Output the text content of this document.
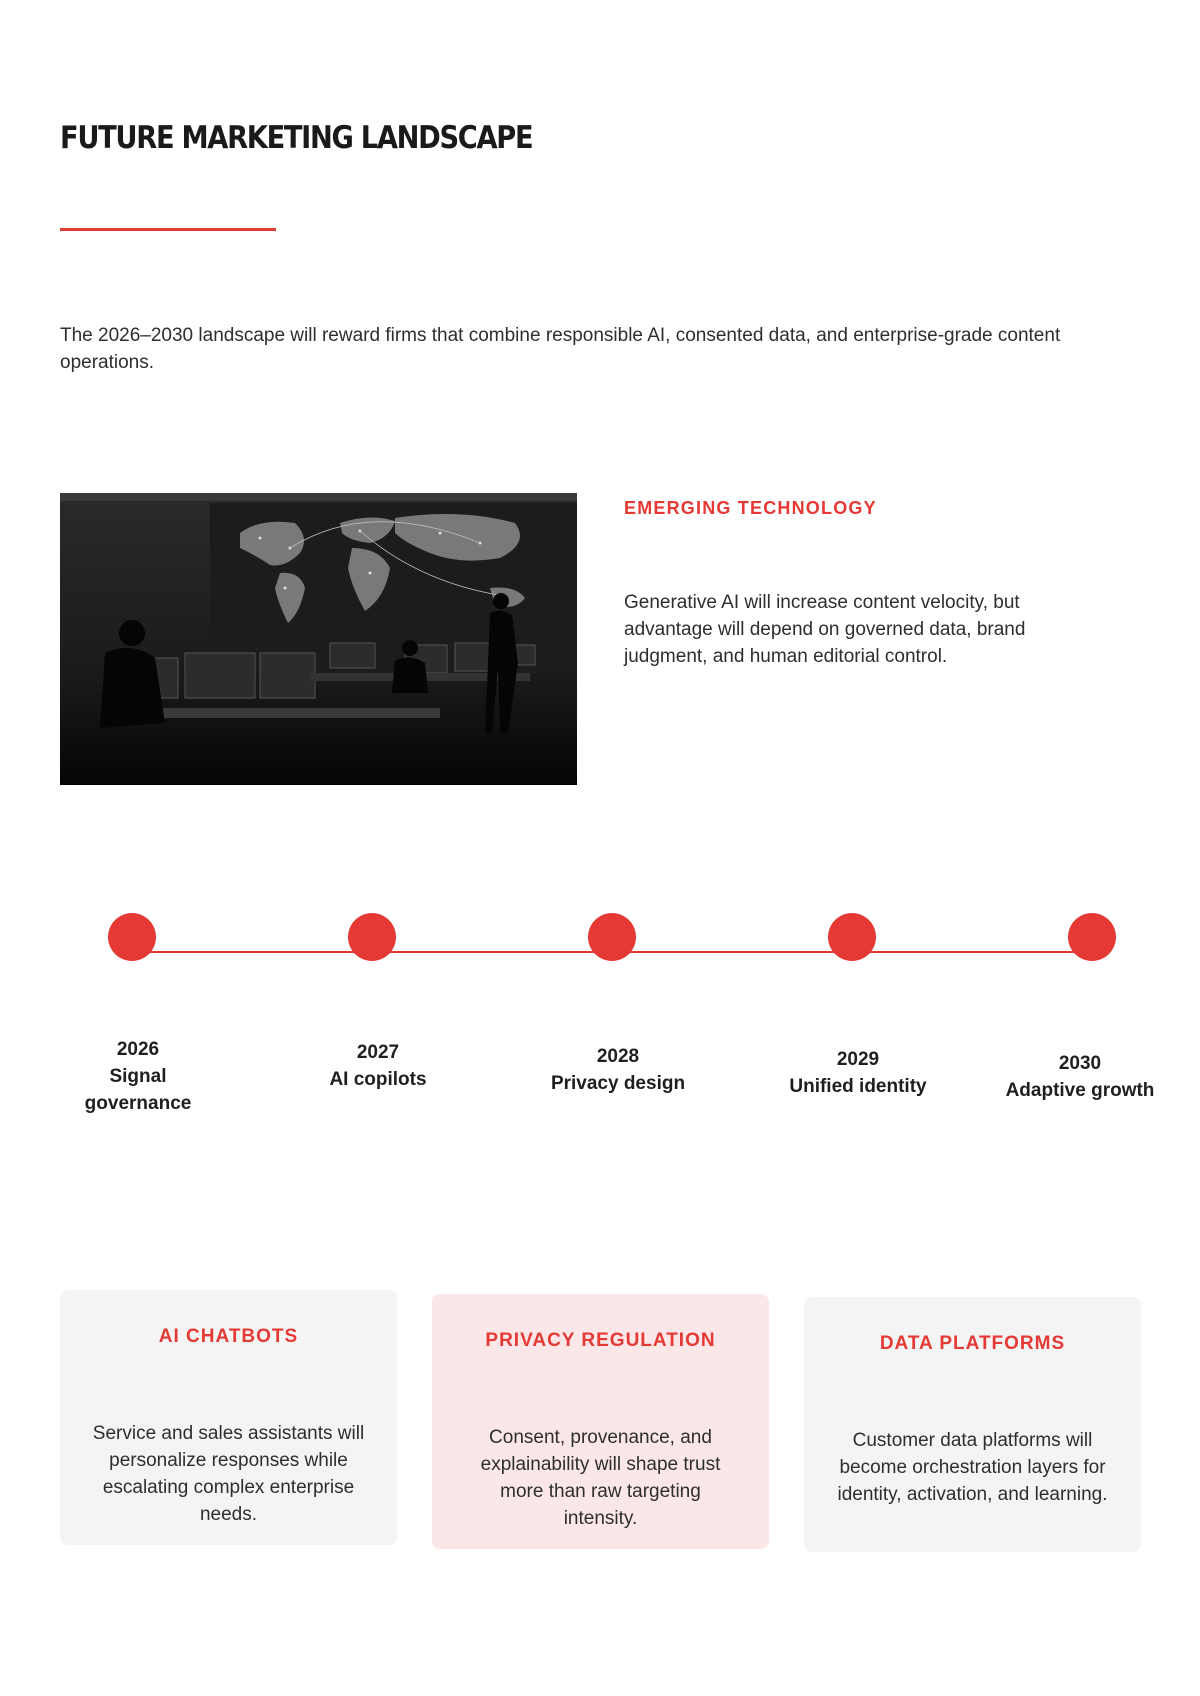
FUTURE MARKETING LANDSCAPE

The 2026–2030 landscape will reward firms that combine responsible AI, consented data, and enterprise-grade content operations.

EMERGING TECHNOLOGY

Generative AI will increase content velocity, but advantage will depend on governed data, brand judgment, and human editorial control.

2026
Signal governance
2027
AI copilots
2028
Privacy design
2029
Unified identity
2030
Adaptive growth
AI CHATBOTS
Service and sales assistants will personalize responses while escalating complex enterprise needs.
PRIVACY REGULATION
Consent, provenance, and explainability will shape trust more than raw targeting intensity.
DATA PLATFORMS
Customer data platforms will become orchestration layers for identity, activation, and learning.
